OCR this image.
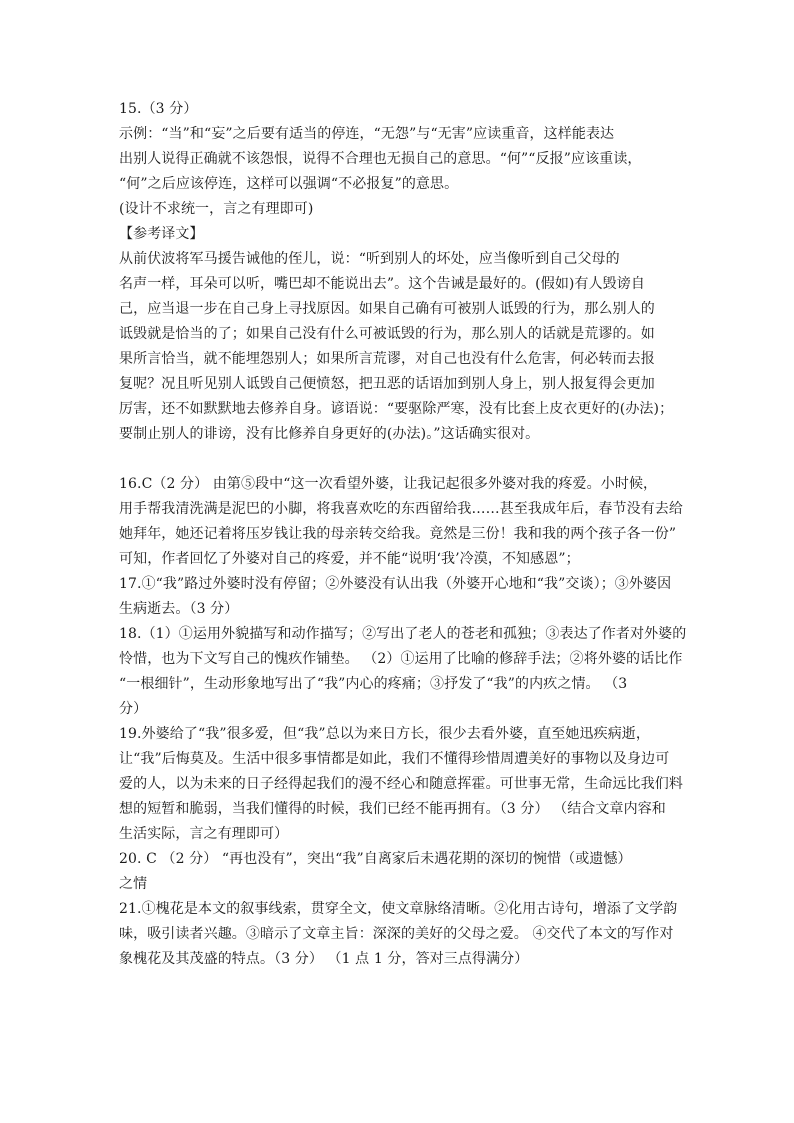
15.（3 分）
示例：“当”和“妄”之后要有适当的停连，“无怨”与“无害”应读重音，这样能表达
出别人说得正确就不该怨恨，说得不合理也无损自己的意思。“何”“反报”应该重读，
“何”之后应该停连，这样可以强调“不必报复”的意思。
(设计不求统一，言之有理即可)
【参考译文】
从前伏波将军马援告诫他的侄儿，说：“听到别人的坏处，应当像听到自己父母的
名声一样，耳朵可以听，嘴巴却不能说出去”。这个告诫是最好的。(假如)有人毁谤自
己，应当退一步在自己身上寻找原因。如果自己确有可被别人诋毁的行为，那么别人的
诋毁就是恰当的了；如果自己没有什么可被诋毁的行为，那么别人的话就是荒谬的。如
果所言恰当，就不能埋怨别人；如果所言荒谬，对自己也没有什么危害，何必转而去报
复呢？况且听见别人诋毁自己便愤怒，把丑恶的话语加到别人身上，别人报复得会更加
厉害，还不如默默地去修养自身。谚语说：“要驱除严寒，没有比套上皮衣更好的(办法)；
要制止别人的诽谤，没有比修养自身更好的(办法)。”这话确实很对。
16.C（2 分） 由第⑤段中“这一次看望外婆，让我记起很多外婆对我的疼爱。小时候，
用手帮我清洗满是泥巴的小脚，将我喜欢吃的东西留给我……甚至我成年后，春节没有去给
她拜年，她还记着将压岁钱让我的母亲转交给我。竟然是三份！我和我的两个孩子各一份”
可知，作者回忆了外婆对自己的疼爱，并不能“说明‘我’冷漠，不知感恩”；
17.①“我”路过外婆时没有停留；②外婆没有认出我（外婆开心地和“我”交谈）；③外婆因
生病逝去。（3 分）
18.（1）①运用外貌描写和动作描写；②写出了老人的苍老和孤独；③表达了作者对外婆的
怜惜，也为下文写自己的愧疚作铺垫。 （2）①运用了比喻的修辞手法；②将外婆的话比作
“一根细针”，生动形象地写出了“我”内心的疼痛；③抒发了“我”的内疚之情。 （3
分）
19.外婆给了“我”很多爱，但“我”总以为来日方长，很少去看外婆，直至她迅疾病逝，
让“我”后悔莫及。生活中很多事情都是如此，我们不懂得珍惜周遭美好的事物以及身边可
爱的人，以为未来的日子经得起我们的漫不经心和随意挥霍。可世事无常，生命远比我们料
想的短暂和脆弱，当我们懂得的时候，我们已经不能再拥有。（3 分） （结合文章内容和
生活实际，言之有理即可）
20. C （2 分） “再也没有”，突出“我”自离家后未遇花期的深切的惋惜（或遗憾）
之情
21.①槐花是本文的叙事线索，贯穿全文，使文章脉络清晰。②化用古诗句，增添了文学韵
味，吸引读者兴趣。③暗示了文章主旨：深深的美好的父母之爱。 ④交代了本文的写作对
象槐花及其茂盛的特点。（3 分） （1 点 1 分，答对三点得满分）
